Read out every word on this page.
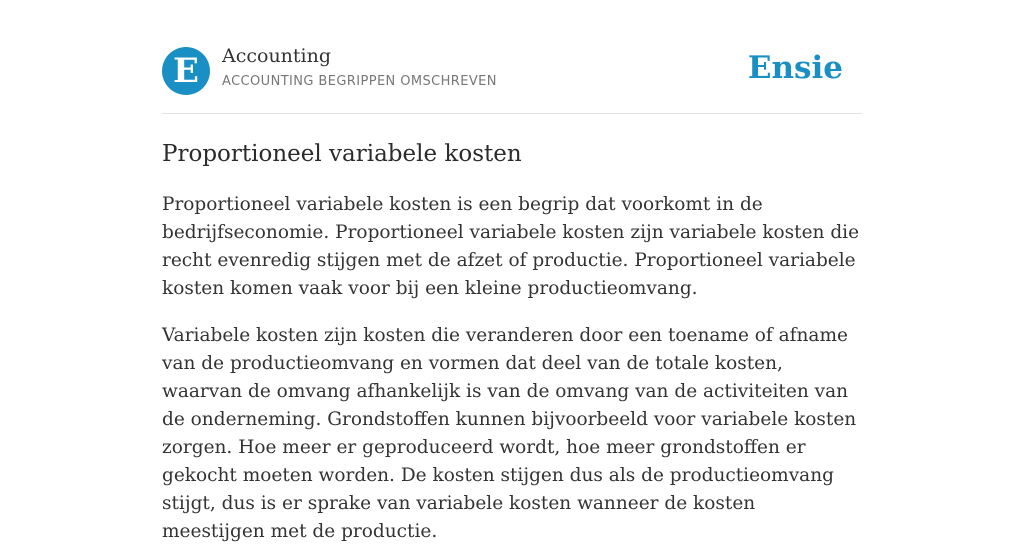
E	Accounting
ACCOUNTING BEGRIPPEN OMSCHREVEN	Ensie
Proportioneel variabele kosten

Proportioneel variabele kosten is een begrip dat voorkomt in de bedrijfseconomie. Proportioneel variabele kosten zijn variabele kosten die recht evenredig stijgen met de afzet of productie. Proportioneel variabele kosten komen vaak voor bij een kleine productieomvang.

Variabele kosten zijn kosten die veranderen door een toename of afname van de productieomvang en vormen dat deel van de totale kosten, waarvan de omvang afhankelijk is van de omvang van de activiteiten van de onderneming. Grondstoffen kunnen bijvoorbeeld voor variabele kosten zorgen. Hoe meer er geproduceerd wordt, hoe meer grondstoffen er gekocht moeten worden. De kosten stijgen dus als de productieomvang stijgt, dus is er sprake van variabele kosten wanneer de kosten meestijgen met de productie.
